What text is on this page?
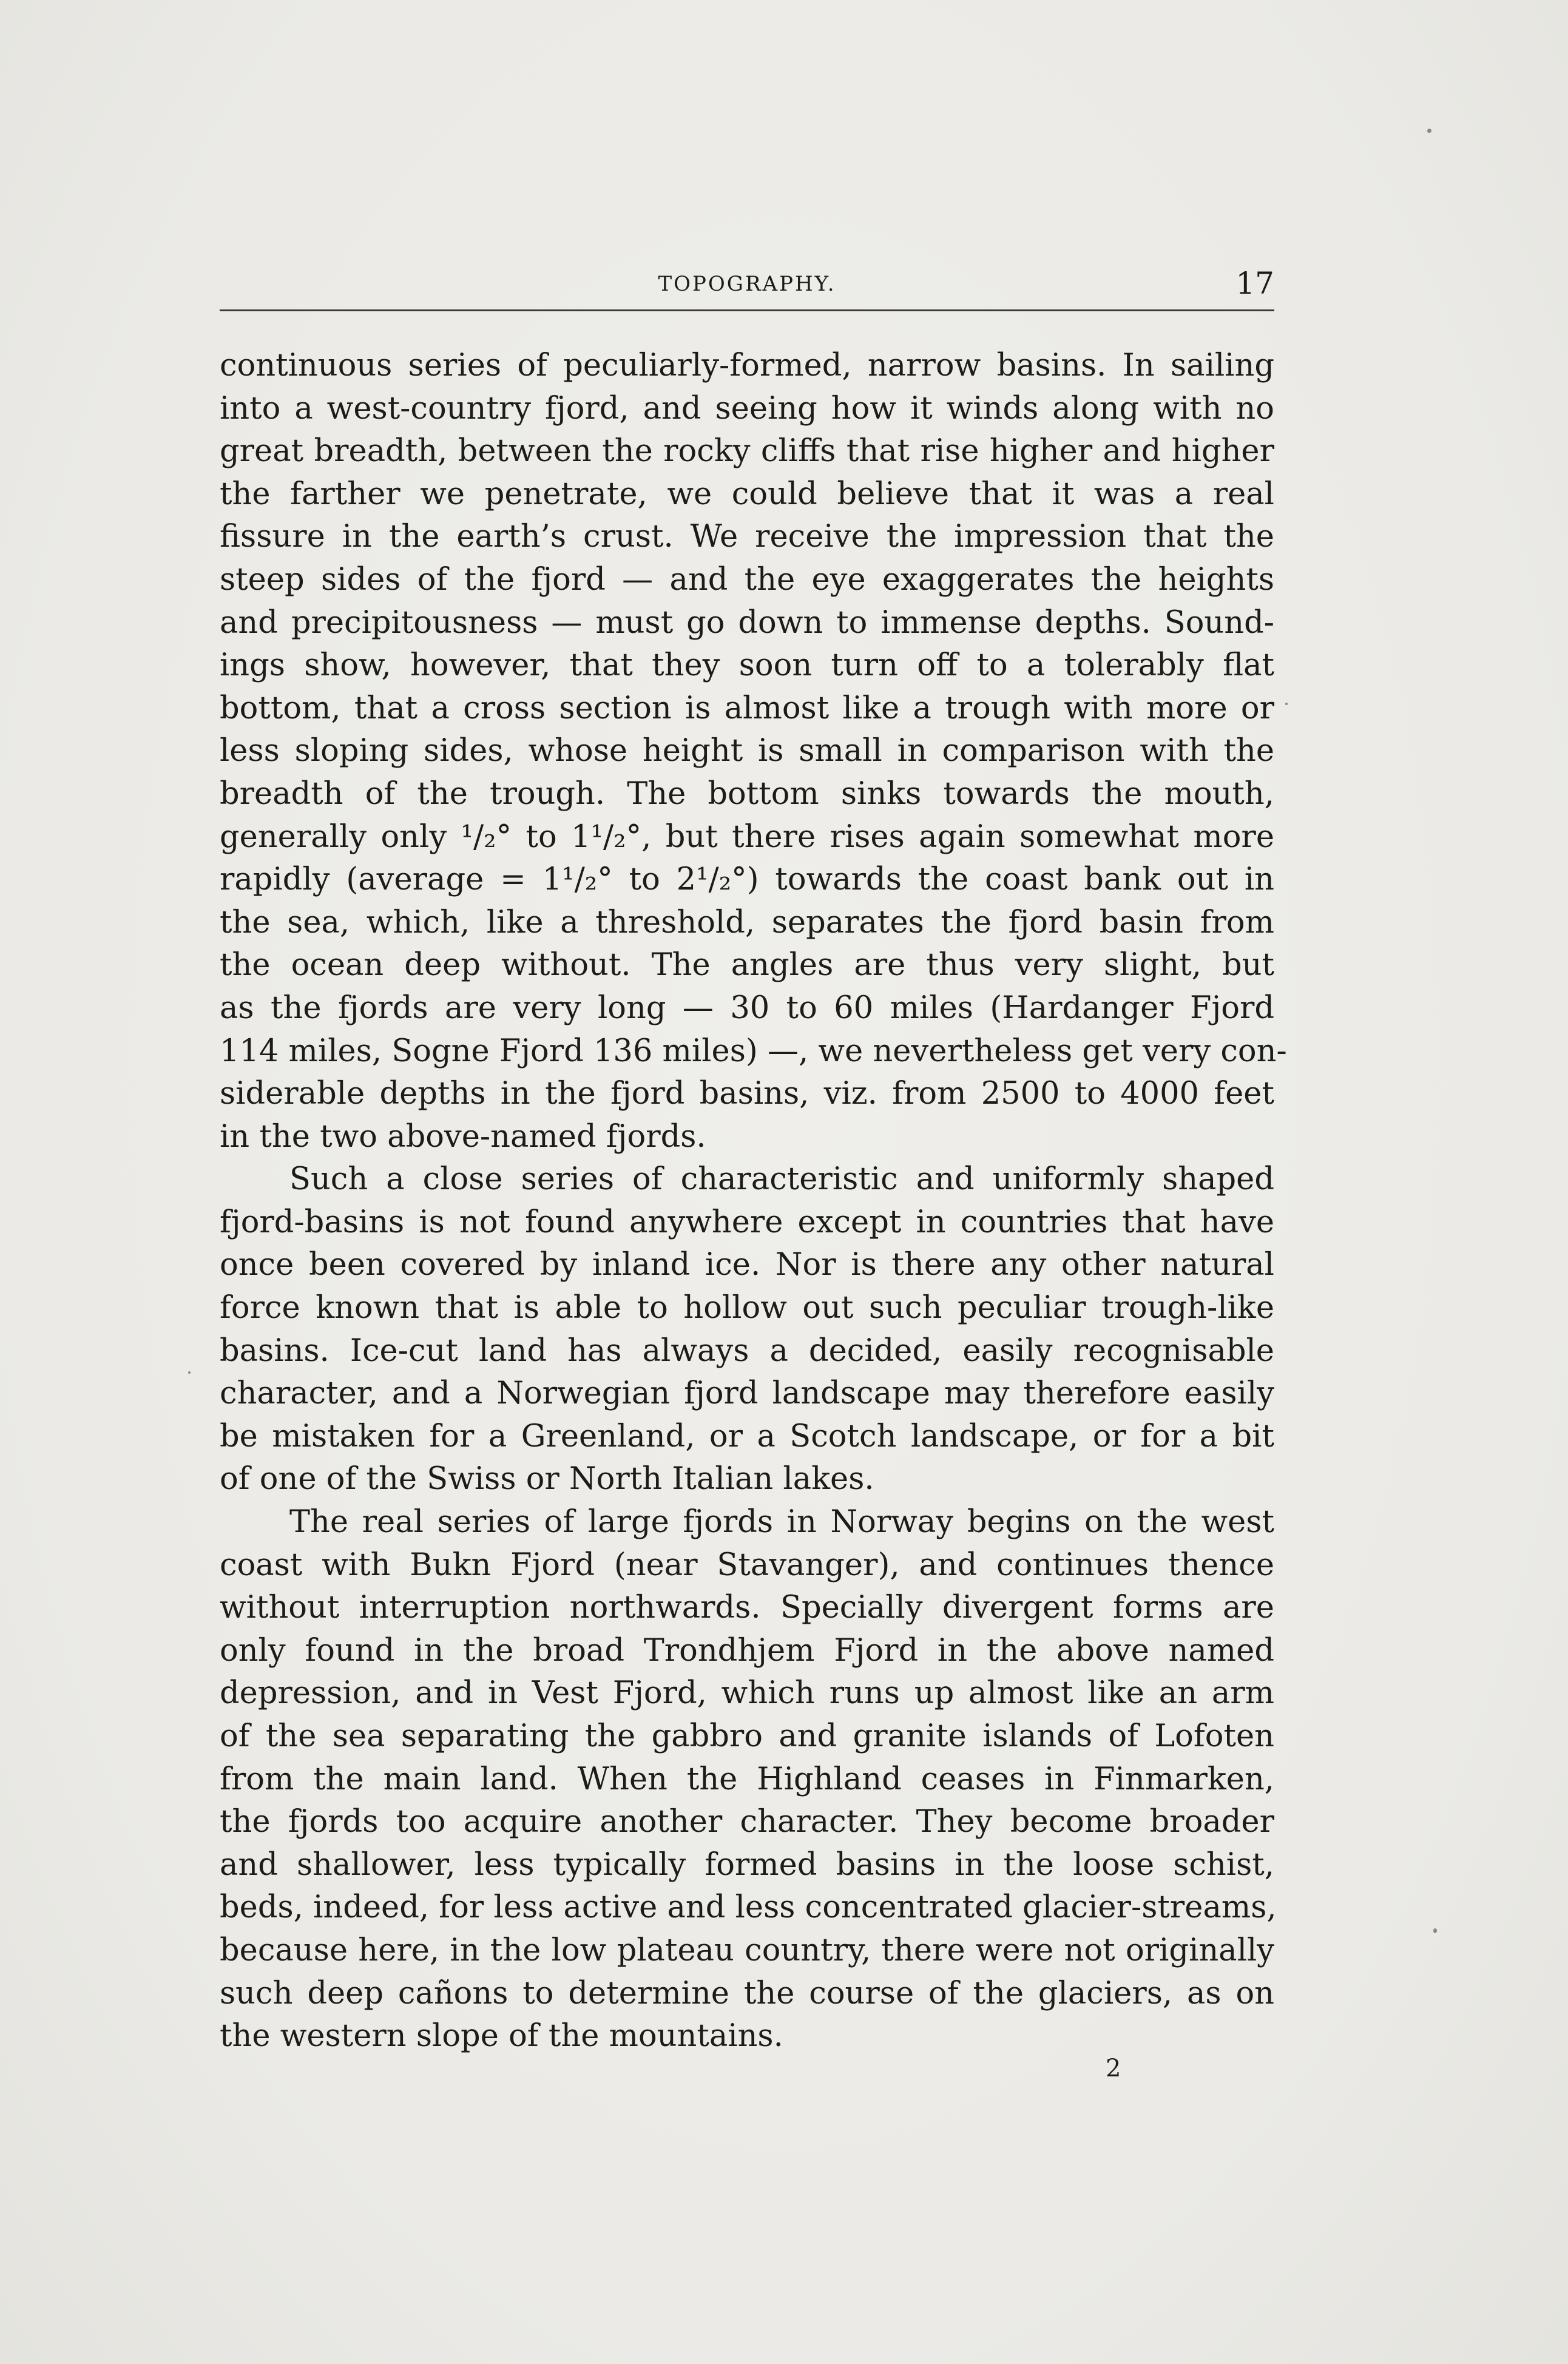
TOPOGRAPHY.	17
continuous series of peculiarly-formed, narrow basins. In sailing
into a west-country fjord, and seeing how it winds along with no
great breadth, between the rocky cliffs that rise higher and higher
the farther we penetrate, we could believe that it was a real
fissure in the earth’s crust. We receive the impression that the
steep sides of the fjord — and the eye exaggerates the heights
and precipitousness — must go down to immense depths. Sound-
ings show, however, that they soon turn off to a tolerably flat
bottom, that a cross section is almost like a trough with more or
less sloping sides, whose height is small in comparison with the
breadth of the trough. The bottom sinks towards the mouth,
generally only ¹/₂° to 1¹/₂°, but there rises again somewhat more
rapidly (average = 1¹/₂° to 2¹/₂°) towards the coast bank out in
the sea, which, like a threshold, separates the fjord basin from
the ocean deep without. The angles are thus very slight, but
as the fjords are very long — 30 to 60 miles (Hardanger Fjord
114 miles, Sogne Fjord 136 miles) —, we nevertheless get very con-
siderable depths in the fjord basins, viz. from 2500 to 4000 feet
in the two above-named fjords.
Such a close series of characteristic and uniformly shaped
fjord-basins is not found anywhere except in countries that have
once been covered by inland ice. Nor is there any other natural
force known that is able to hollow out such peculiar trough-like
basins. Ice-cut land has always a decided, easily recognisable
character, and a Norwegian fjord landscape may therefore easily
be mistaken for a Greenland, or a Scotch landscape, or for a bit
of one of the Swiss or North Italian lakes.
The real series of large fjords in Norway begins on the west
coast with Bukn Fjord (near Stavanger), and continues thence
without interruption northwards. Specially divergent forms are
only found in the broad Trondhjem Fjord in the above named
depression, and in Vest Fjord, which runs up almost like an arm
of the sea separating the gabbro and granite islands of Lofoten
from the main land. When the Highland ceases in Finmarken,
the fjords too acquire another character. They become broader
and shallower, less typically formed basins in the loose schist,
beds, indeed, for less active and less concentrated glacier-streams,
because here, in the low plateau country, there were not originally
such deep cañons to determine the course of the glaciers, as on
the western slope of the mountains.
2
